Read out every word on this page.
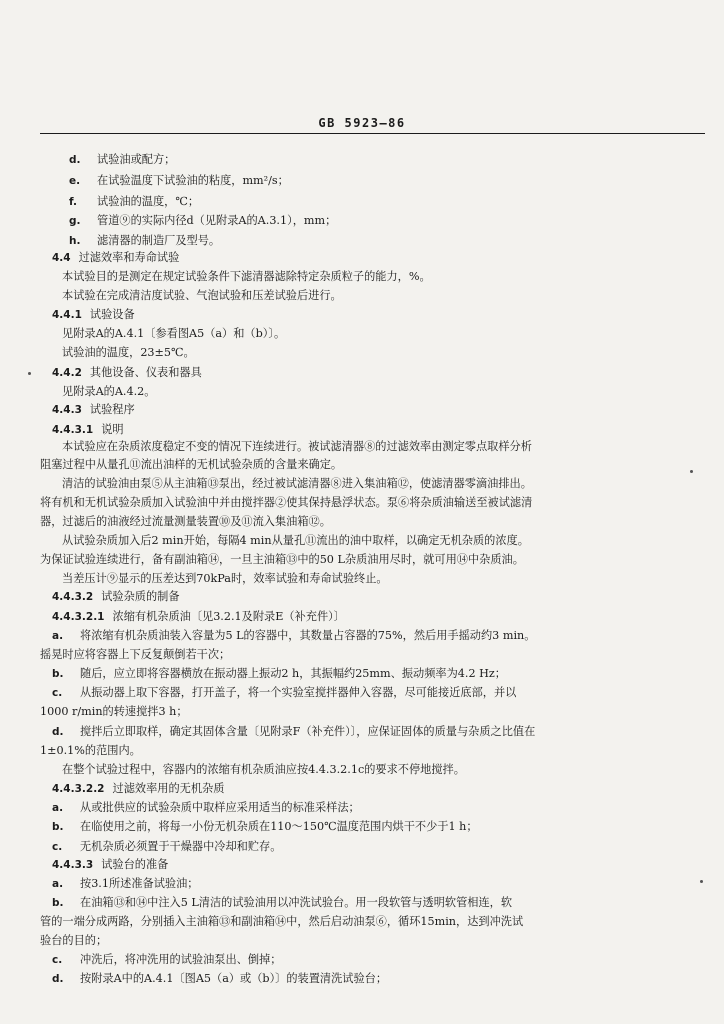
GB 5923—86
d. 试验油或配方；
e. 在试验温度下试验油的粘度，mm²/s；
f. 试验油的温度，℃；
g. 管道⑨的实际内径d（见附录A的A.3.1），mm；
h. 滤清器的制造厂及型号。
4.4 过滤效率和寿命试验
本试验目的是测定在规定试验条件下滤清器滤除特定杂质粒子的能力，%。
本试验在完成清洁度试验、气泡试验和压差试验后进行。
4.4.1 试验设备
见附录A的A.4.1〔参看图A5（a）和（b）〕。
试验油的温度，23±5℃。
4.4.2 其他设备、仪表和器具
见附录A的A.4.2。
4.4.3 试验程序
4.4.3.1 说明
本试验应在杂质浓度稳定不变的情况下连续进行。被试滤清器⑧的过滤效率由测定零点取样分析
阻塞过程中从量孔⑪流出油样的无机试验杂质的含量来确定。
清洁的试验油由泵⑤从主油箱⑬泵出，经过被试滤清器⑧进入集油箱⑫，使滤清器零滴油排出。
将有机和无机试验杂质加入试验油中并由搅拌器②使其保持悬浮状态。泵⑥将杂质油输送至被试滤清
器，过滤后的油液经过流量测量装置⑩及⑪流入集油箱⑫。
从试验杂质加入后2 min开始，每隔4 min从量孔⑪流出的油中取样，以确定无机杂质的浓度。
为保证试验连续进行，备有副油箱⑭，一旦主油箱⑬中的50 L杂质油用尽时，就可用⑭中杂质油。
当差压计⑨显示的压差达到70kPa时，效率试验和寿命试验终止。
4.4.3.2 试验杂质的制备
4.4.3.2.1 浓缩有机杂质油〔见3.2.1及附录E（补充件）〕
a. 将浓缩有机杂质油装入容量为5 L的容器中，其数量占容器的75%，然后用手摇动约3 min。
摇晃时应将容器上下反复颠倒若干次；
b. 随后，应立即将容器横放在振动器上振动2 h，其振幅约25mm、振动频率为4.2 Hz；
c. 从振动器上取下容器，打开盖子，将一个实验室搅拌器伸入容器，尽可能接近底部，并以
1000 r/min的转速搅拌3 h；
d. 搅拌后立即取样，确定其固体含量〔见附录F（补充件）〕，应保证固体的质量与杂质之比值在
1±0.1%的范围内。
在整个试验过程中，容器内的浓缩有机杂质油应按4.4.3.2.1c的要求不停地搅拌。
4.4.3.2.2 过滤效率用的无机杂质
a. 从或批供应的试验杂质中取样应采用适当的标准采样法；
b. 在临使用之前，将每一小份无机杂质在110～150℃温度范围内烘干不少于1 h；
c. 无机杂质必须置于干燥器中冷却和贮存。
4.4.3.3 试验台的准备
a. 按3.1所述准备试验油；
b. 在油箱⑬和⑭中注入5 L清洁的试验油用以冲洗试验台。用一段软管与透明软管相连，软
管的一端分成两路，分别插入主油箱⑬和副油箱⑭中，然后启动油泵⑥，循环15min，达到冲洗试
验台的目的；
c. 冲洗后，将冲洗用的试验油泵出、倒掉；
d. 按附录A中的A.4.1〔图A5（a）或（b）〕的装置清洗试验台；
